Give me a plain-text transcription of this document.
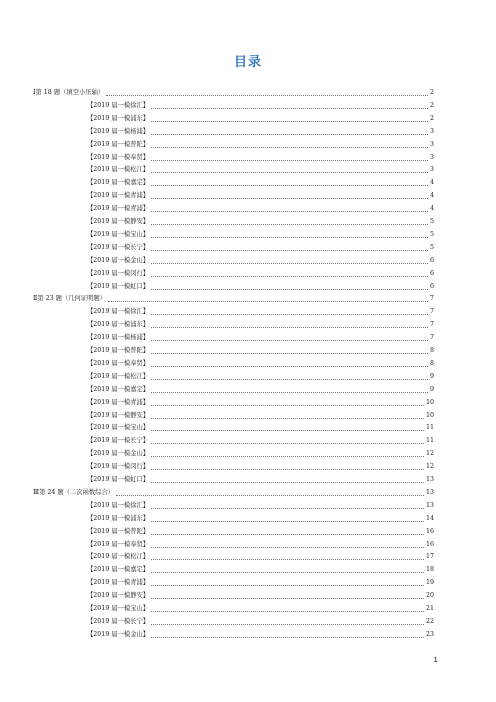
目录
Ⅰ第 18 题（填空小压轴）	2
【2019 届一模徐汇】	2
【2019 届一模浦东】	2
【2019 届一模杨浦】	3
【2019 届一模普陀】	3
【2019 届一模奉贤】	3
【2019 届一模松江】	3
【2019 届一模嘉定】	4
【2019 届一模青浦】	4
【2019 届一模青浦】	4
【2019 届一模静安】	5
【2019 届一模宝山】	5
【2019 届一模长宁】	5
【2019 届一模金山】	6
【2019 届一模闵行】	6
【2019 届一模虹口】	6
Ⅱ第 23 题（几何证明题）	7
【2019 届一模徐汇】	7
【2019 届一模浦东】	7
【2019 届一模杨浦】	7
【2019 届一模普陀】	8
【2019 届一模奉贤】	8
【2019 届一模松江】	9
【2019 届一模嘉定】	9
【2019 届一模青浦】	10
【2019 届一模静安】	10
【2019 届一模宝山】	11
【2019 届一模长宁】	11
【2019 届一模金山】	12
【2019 届一模闵行】	12
【2019 届一模虹口】	13
Ⅲ第 24 题（二次函数综合）	13
【2019 届一模徐汇】	13
【2019 届一模浦东】	14
【2019 届一模普陀】	16
【2019 届一模奉贤】	16
【2019 届一模松江】	17
【2019 届一模嘉定】	18
【2019 届一模青浦】	19
【2019 届一模静安】	20
【2019 届一模宝山】	21
【2019 届一模长宁】	22
【2019 届一模金山】	23
1
